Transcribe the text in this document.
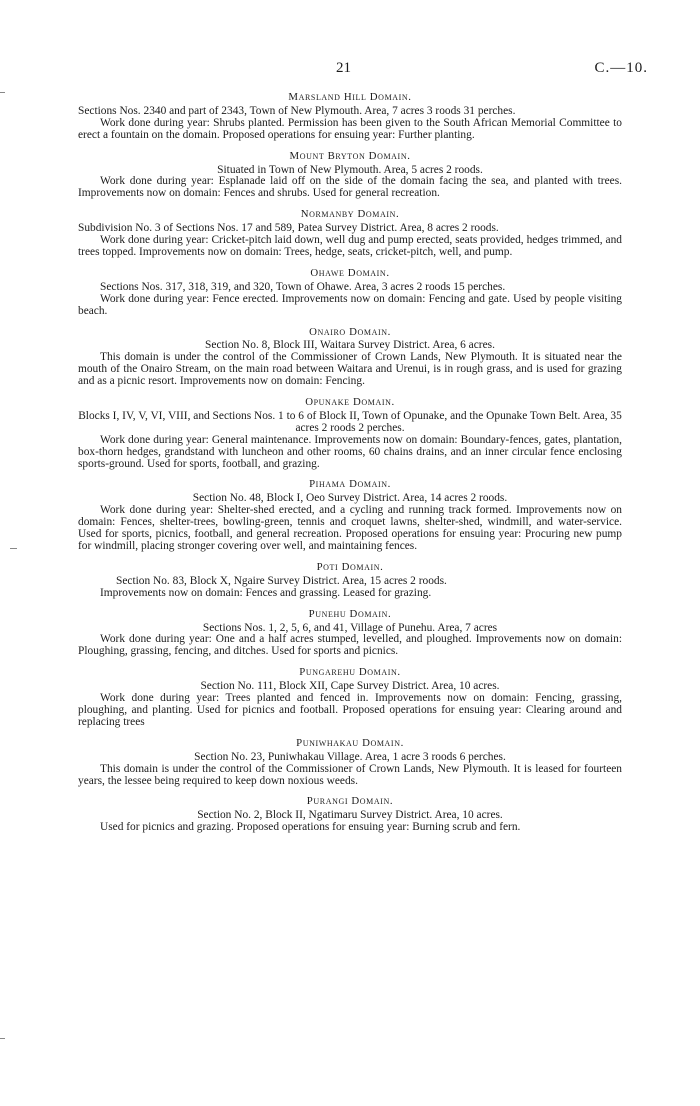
21	C.—10.
Marsland Hill Domain.

Sections Nos. 2340 and part of 2343, Town of New Plymouth. Area, 7 acres 3 roods 31 perches.

Work done during year: Shrubs planted. Permission has been given to the South African Memorial Committee to erect a fountain on the domain. Proposed operations for ensuing year: Further planting.

Mount Bryton Domain.

Situated in Town of New Plymouth. Area, 5 acres 2 roods.

Work done during year: Esplanade laid off on the side of the domain facing the sea, and planted with trees. Improvements now on domain: Fences and shrubs. Used for general recreation.

Normanby Domain.

Subdivision No. 3 of Sections Nos. 17 and 589, Patea Survey District. Area, 8 acres 2 roods.

Work done during year: Cricket-pitch laid down, well dug and pump erected, seats provided, hedges trimmed, and trees topped. Improvements now on domain: Trees, hedge, seats, cricket-pitch, well, and pump.

Ohawe Domain.

Sections Nos. 317, 318, 319, and 320, Town of Ohawe. Area, 3 acres 2 roods 15 perches.

Work done during year: Fence erected. Improvements now on domain: Fencing and gate. Used by people visiting beach.

Onairo Domain.

Section No. 8, Block III, Waitara Survey District. Area, 6 acres.

This domain is under the control of the Commissioner of Crown Lands, New Plymouth. It is situated near the mouth of the Onairo Stream, on the main road between Waitara and Urenui, is in rough grass, and is used for grazing and as a picnic resort. Improvements now on domain: Fencing.

Opunake Domain.

Blocks I, IV, V, VI, VIII, and Sections Nos. 1 to 6 of Block II, Town of Opunake, and the Opunake Town Belt. Area, 35 acres 2 roods 2 perches.

Work done during year: General maintenance. Improvements now on domain: Boundary-fences, gates, plantation, box-thorn hedges, grandstand with luncheon and other rooms, 60 chains drains, and an inner circular fence enclosing sports-ground. Used for sports, football, and grazing.

Pihama Domain.

Section No. 48, Block I, Oeo Survey District. Area, 14 acres 2 roods.

Work done during year: Shelter-shed erected, and a cycling and running track formed. Improvements now on domain: Fences, shelter-trees, bowling-green, tennis and croquet lawns, shelter-shed, windmill, and water-service. Used for sports, picnics, football, and general recreation. Proposed operations for ensuing year: Procuring new pump for windmill, placing stronger covering over well, and maintaining fences.

Poti Domain.

Section No. 83, Block X, Ngaire Survey District. Area, 15 acres 2 roods.

Improvements now on domain: Fences and grassing. Leased for grazing.

Punehu Domain.

Sections Nos. 1, 2, 5, 6, and 41, Village of Punehu. Area, 7 acres

Work done during year: One and a half acres stumped, levelled, and ploughed. Improvements now on domain: Ploughing, grassing, fencing, and ditches. Used for sports and picnics.

Pungarehu Domain.

Section No. 111, Block XII, Cape Survey District. Area, 10 acres.

Work done during year: Trees planted and fenced in. Improvements now on domain: Fencing, grassing, ploughing, and planting. Used for picnics and football. Proposed operations for ensuing year: Clearing around and replacing trees

Puniwhakau Domain.

Section No. 23, Puniwhakau Village. Area, 1 acre 3 roods 6 perches.

This domain is under the control of the Commissioner of Crown Lands, New Plymouth. It is leased for fourteen years, the lessee being required to keep down noxious weeds.

Purangi Domain.

Section No. 2, Block II, Ngatimaru Survey District. Area, 10 acres.

Used for picnics and grazing. Proposed operations for ensuing year: Burning scrub and fern.
